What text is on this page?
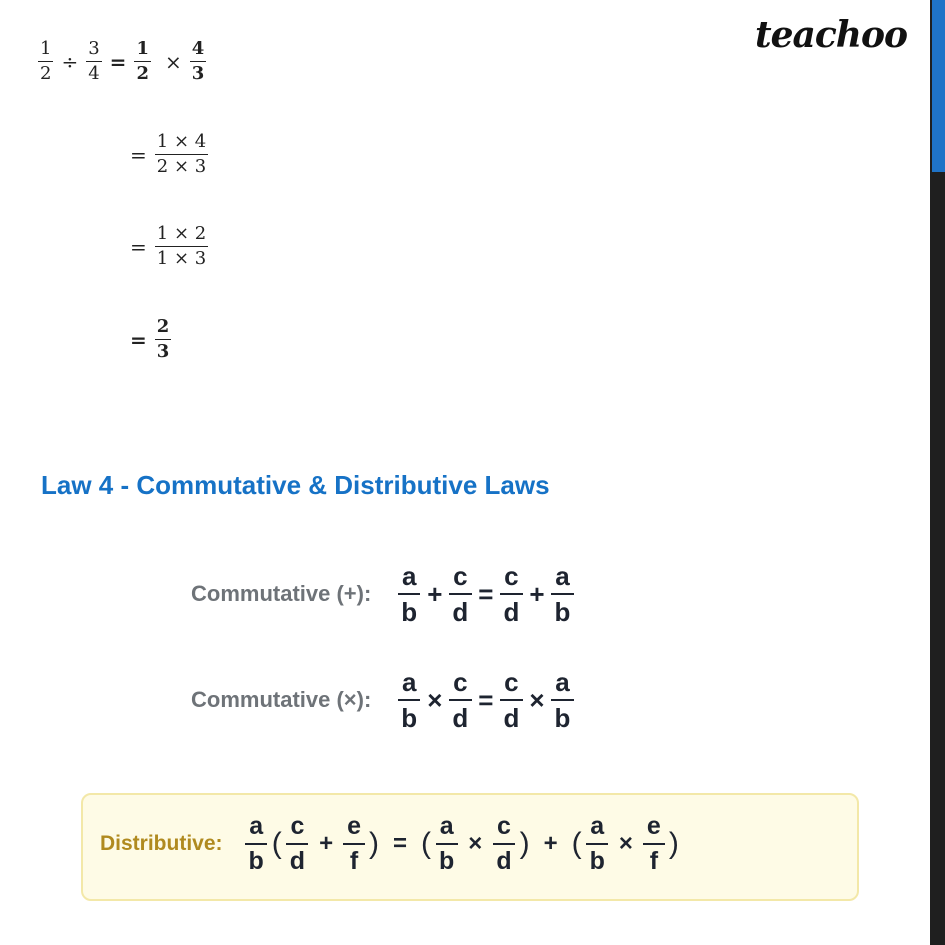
teachoo
$\frac{1}{2} \div \frac{3}{4} = \frac{1}{2} \times \frac{4}{3}$
= $\frac{1 \times 4}{2 \times 3}$
= $\frac{1 \times 2}{1 \times 3}$
= $\frac{2}{3}$
Law 4 - Commutative & Distributive Laws
Commutative (+): $\frac{a}{b} + \frac{c}{d} = \frac{c}{d} + \frac{a}{b}$
Commutative (×): $\frac{a}{b} \times \frac{c}{d} = \frac{c}{d} \times \frac{a}{b}$
Distributive: $\frac{a}{b}$ ( $\frac{c}{d} + \frac{e}{f}$ ) = ( $\frac{a}{b} \times \frac{c}{d}$ ) + ( $\frac{a}{b} \times \frac{e}{f}$ )
